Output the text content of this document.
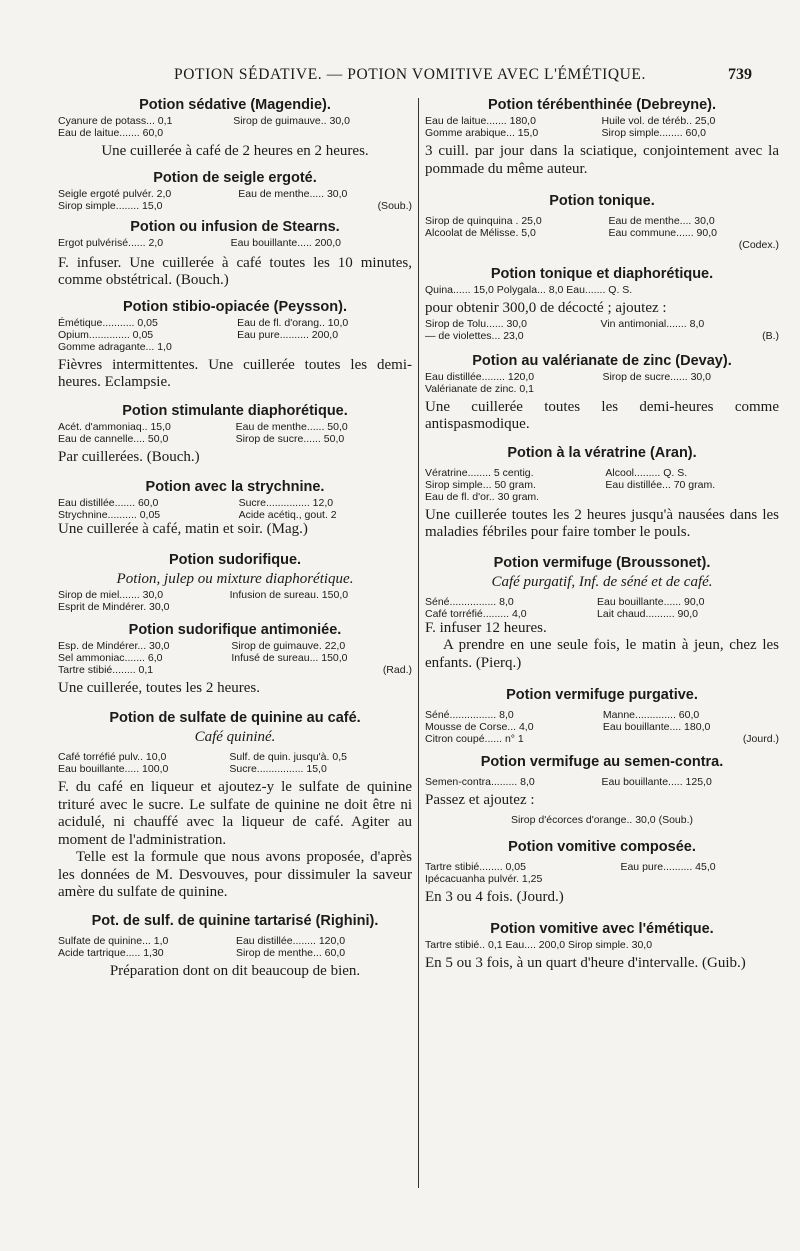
POTION SÉDATIVE. — POTION VOMITIVE AVEC L'ÉMÉTIQUE.	739
Potion sédative (Magendie).
Cyanure de potass... 0,1	Sirop de guimauve.. 30,0
Eau de laitue....... 60,0	

Une cuillerée à café de 2 heures en 2 heures.

Potion de seigle ergoté.
Seigle ergoté pulvér. 2,0	Eau de menthe..... 30,0
Sirop simple........ 15,0	(Soub.)
Potion ou infusion de Stearns.
Ergot pulvérisé...... 2,0	Eau bouillante..... 200,0

F. infuser. Une cuillerée à café toutes les 10 minutes, comme obstétrical. (Bouch.)

Potion stibio-opiacée (Peysson).
Émétique........... 0,05	Eau de fl. d'orang.. 10,0
Opium.............. 0,05	Eau pure.......... 200,0
Gomme adragante... 1,0	

Fièvres intermittentes. Une cuillerée toutes les demi-heures. Eclampsie.

Potion stimulante diaphorétique.
Acét. d'ammoniaq.. 15,0	Eau de menthe...... 50,0
Eau de cannelle.... 50,0	Sirop de sucre...... 50,0

Par cuillerées. (Bouch.)

Potion avec la strychnine.
Eau distillée....... 60,0	Sucre............... 12,0
Strychnine.......... 0,05	Acide acétiq., gout. 2

Une cuillerée à café, matin et soir. (Mag.)

Potion sudorifique.

Potion, julep ou mixture diaphorétique.

Sirop de miel....... 30,0	Infusion de sureau. 150,0
Esprit de Mindérer. 30,0	
Potion sudorifique antimoniée.
Esp. de Mindérer... 30,0	Sirop de guimauve. 22,0
Sel ammoniac....... 6,0	Infusé de sureau... 150,0
Tartre stibié........ 0,1	(Rad.)

Une cuillerée, toutes les 2 heures.

Potion de sulfate de quinine au café.

Café quininé.

Café torréfié pulv.. 10,0	Sulf. de quin. jusqu'à. 0,5
Eau bouillante..... 100,0	Sucre................ 15,0

F. du café en liqueur et ajoutez-y le sulfate de quinine trituré avec le sucre. Le sulfate de quinine ne doit être ni acidulé, ni chauffé avec la liqueur de café. Agiter au moment de l'administration.

Telle est la formule que nous avons proposée, d'après les données de M. Desvouves, pour dissimuler la saveur amère du sulfate de quinine.

Pot. de sulf. de quinine tartarisé (Righini).
Sulfate de quinine... 1,0	Eau distillée........ 120,0
Acide tartrique..... 1,30	Sirop de menthe... 60,0

Préparation dont on dit beaucoup de bien.

Potion térébenthinée (Debreyne).
Eau de laitue....... 180,0	Huile vol. de téréb.. 25,0
Gomme arabique... 15,0	Sirop simple........ 60,0

3 cuill. par jour dans la sciatique, conjointement avec la pommade du même auteur.

Potion tonique.
Sirop de quinquina . 25,0	Eau de menthe.... 30,0
Alcoolat de Mélisse. 5,0	Eau commune...... 90,0
	(Codex.)
Potion tonique et diaphorétique.
Quina...... 15,0 Polygala... 8,0 Eau....... Q. S.

pour obtenir 300,0 de décocté ; ajoutez :

Sirop de Tolu...... 30,0	Vin antimonial....... 8,0
— de violettes... 23,0	(B.)
Potion au valérianate de zinc (Devay).
Eau distillée........ 120,0	Sirop de sucre...... 30,0
Valérianate de zinc. 0,1	

Une cuillerée toutes les demi-heures comme antispasmodique.

Potion à la vératrine (Aran).
Vératrine........ 5 centig.	Alcool......... Q. S.
Sirop simple... 50 gram.	Eau distillée... 70 gram.
Eau de fl. d'or.. 30 gram.	

Une cuillerée toutes les 2 heures jusqu'à nausées dans les maladies fébriles pour faire tomber le pouls.

Potion vermifuge (Broussonet).

Café purgatif, Inf. de séné et de café.

Séné................ 8,0	Eau bouillante...... 90,0
Café torréfié......... 4,0	Lait chaud.......... 90,0

F. infuser 12 heures.

A prendre en une seule fois, le matin à jeun, chez les enfants. (Pierq.)

Potion vermifuge purgative.
Séné................ 8,0	Manne.............. 60,0
Mousse de Corse... 4,0	Eau bouillante.... 180,0
Citron coupé...... n° 1	(Jourd.)
Potion vermifuge au semen-contra.
Semen-contra......... 8,0	Eau bouillante..... 125,0

Passez et ajoutez :

Sirop d'écorces d'orange.. 30,0 (Soub.)
Potion vomitive composée.
Tartre stibié........ 0,05	Eau pure.......... 45,0
Ipécacuanha pulvér. 1,25	

En 3 ou 4 fois. (Jourd.)

Potion vomitive avec l'émétique.
Tartre stibié.. 0,1 Eau.... 200,0 Sirop simple. 30,0

En 5 ou 3 fois, à un quart d'heure d'intervalle. (Guib.)
